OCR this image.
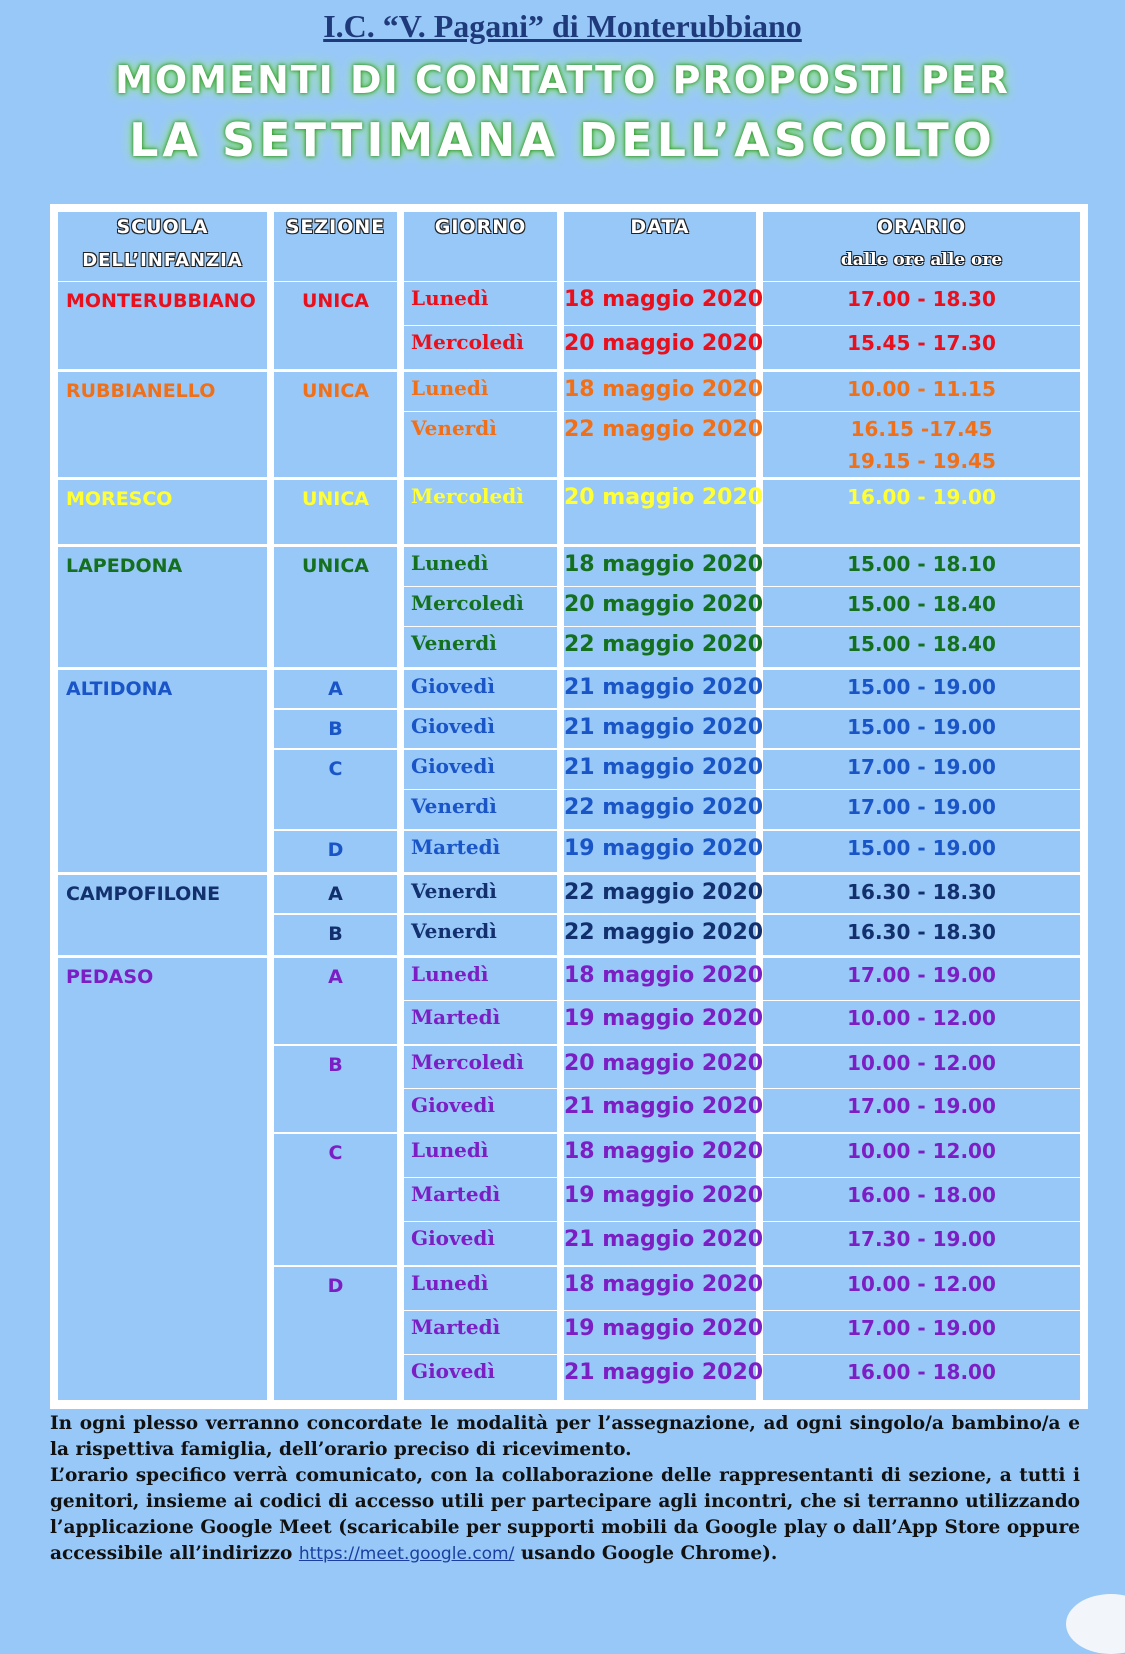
I.C. “V. Pagani” di Monterubbiano
MOMENTI DI CONTATTO PROPOSTI PER
LA SETTIMANA DELL’ASCOLTO
SCUOLA
DELL’INFANZIA
SEZIONE	GIORNO	DATA	ORARIO
dalle ore alle ore
MONTERUBBIANO	UNICA	Lunedì	18 maggio 2020	17.00 - 18.30
Mercoledì 20 maggio 2020	15.45 - 17.30
RUBBIANELLO	UNICA	Lunedì	18 maggio 2020	10.00 - 11.15
Venerdì	22 maggio 2020	16.15 -17.45
19.15 - 19.45
MORESCO	UNICA	Mercoledì 20 maggio 2020	16.00 - 19.00
LAPEDONA	UNICA	Lunedì	18 maggio 2020	15.00 - 18.10
Mercoledì 20 maggio 2020	15.00 - 18.40
Venerdì	22 maggio 2020	15.00 - 18.40
ALTIDONA	A	Giovedì	21 maggio 2020	15.00 - 19.00
B	Giovedì	21 maggio 2020	15.00 - 19.00
C	Giovedì	21 maggio 2020	17.00 - 19.00
Venerdì	22 maggio 2020	17.00 - 19.00
D	Martedì	19 maggio 2020	15.00 - 19.00
CAMPOFILONE	A	Venerdì	22 maggio 2020	16.30 - 18.30
B	Venerdì	22 maggio 2020	16.30 - 18.30
PEDASO	A	Lunedì	18 maggio 2020	17.00 - 19.00
Martedì	19 maggio 2020	10.00 - 12.00
B	Mercoledì 20 maggio 2020	10.00 - 12.00
Giovedì	21 maggio 2020	17.00 - 19.00
C	Lunedì	18 maggio 2020	10.00 - 12.00
Martedì	19 maggio 2020	16.00 - 18.00
Giovedì	21 maggio 2020	17.30 - 19.00
D	Lunedì	18 maggio 2020	10.00 - 12.00
Martedì	19 maggio 2020	17.00 - 19.00
Giovedì	21 maggio 2020	16.00 - 18.00

In ogni plesso verranno concordate le modalità per l’assegnazione, ad ogni singolo/a bambino/a e la rispettiva famiglia, dell’orario preciso di ricevimento.

L’orario specifico verrà comunicato, con la collaborazione delle rappresentanti di sezione, a tutti i genitori, insieme ai codici di accesso utili per partecipare agli incontri, che si terranno utilizzando l’applicazione Google Meet (scaricabile per supporti mobili da Google play o dall’App Store oppure accessibile all’indirizzo https://meet.google.com/ usando Google Chrome).
